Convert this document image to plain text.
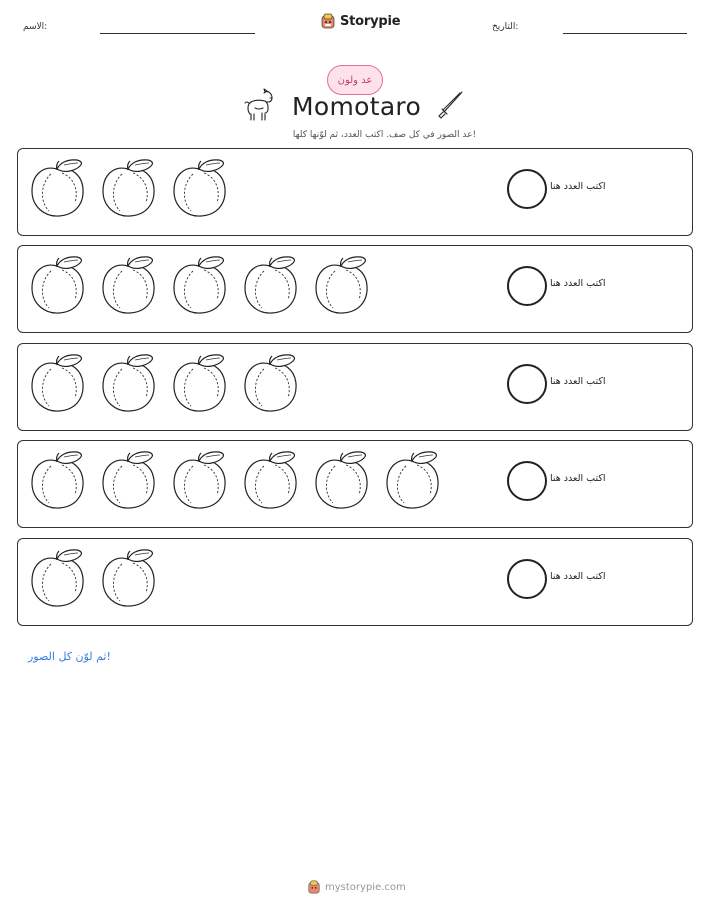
الاسم:	Storypie	التاريخ:
عد ولون
Momotaro
عد الصور في كل صف. اكتب العدد، ثم لوّنها كلها!
اكتب العدد هنا
اكتب العدد هنا
اكتب العدد هنا
اكتب العدد هنا
اكتب العدد هنا
ثم لوّن كل الصور!
mystorypie.com
